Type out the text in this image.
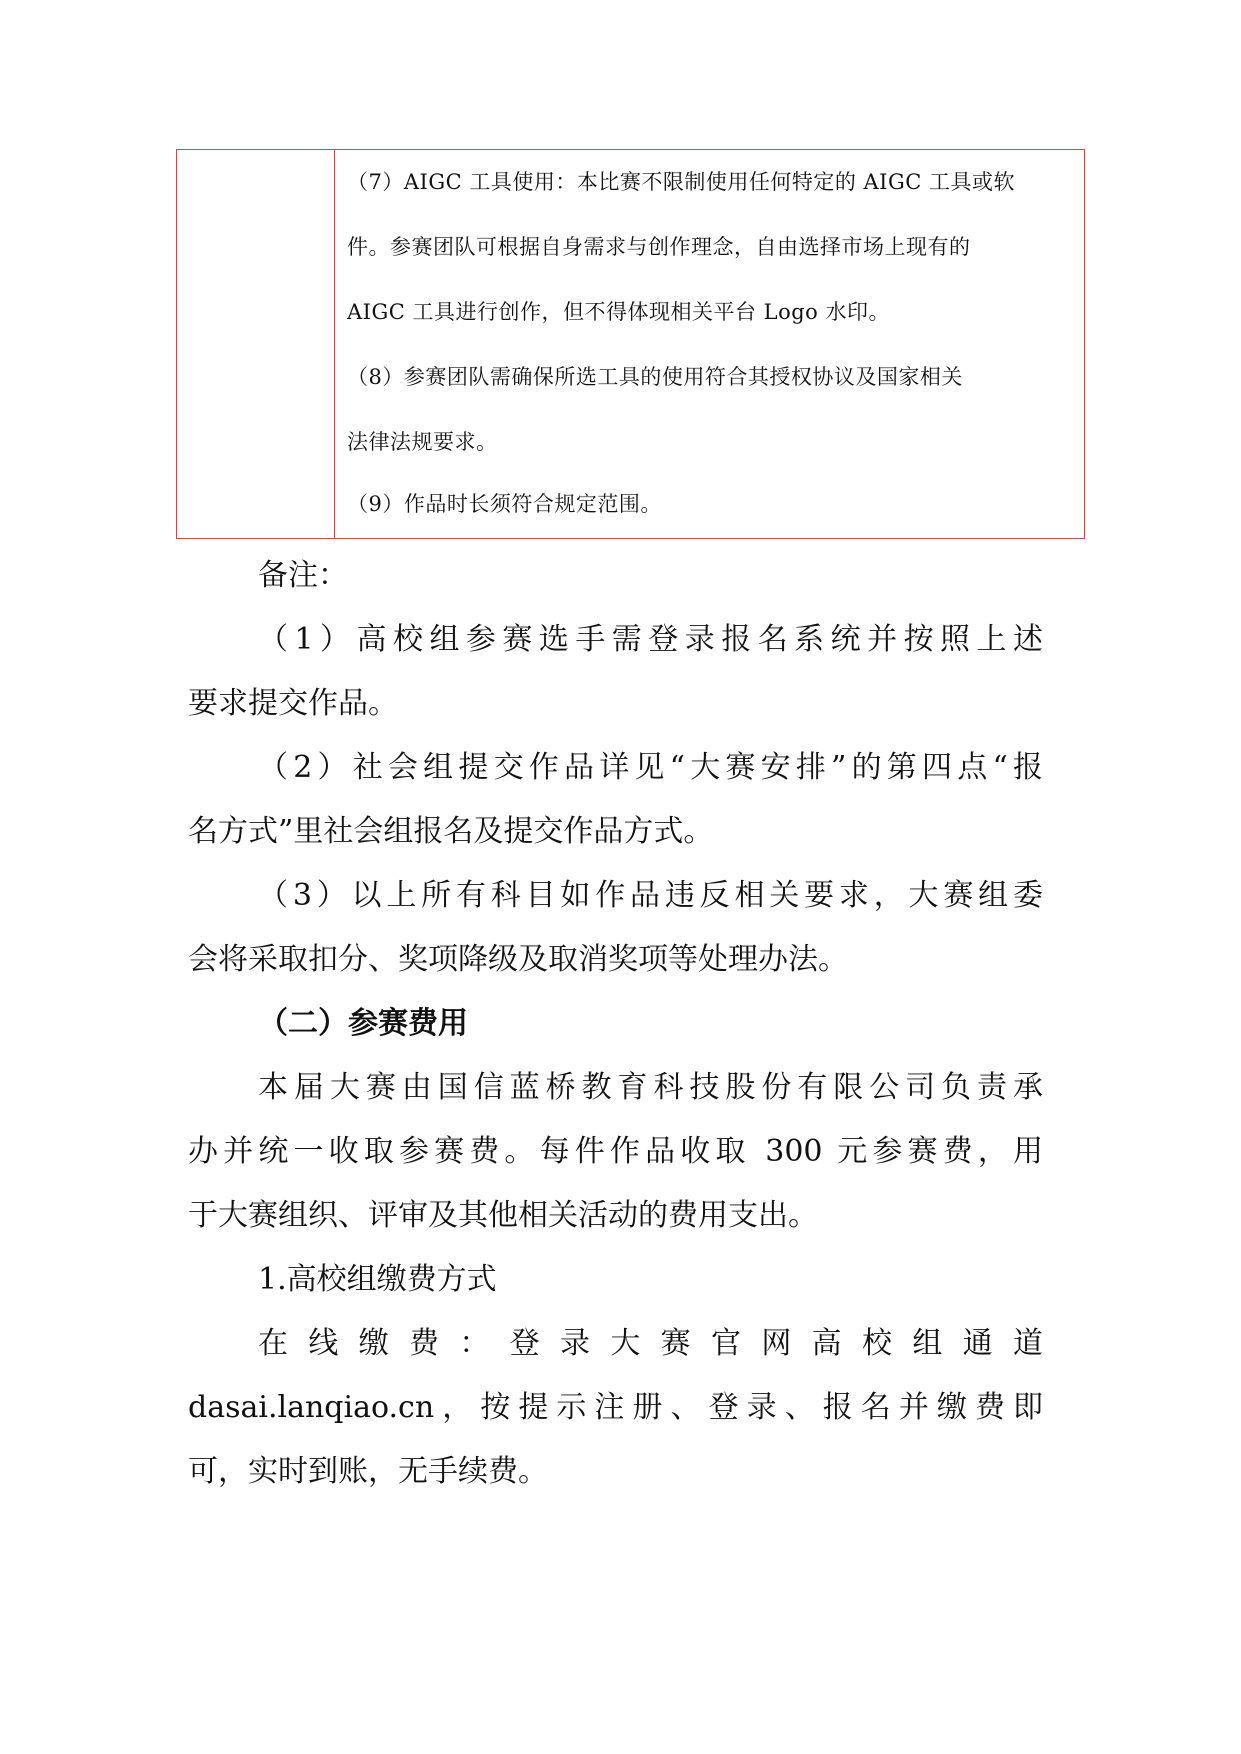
（7）AIGC 工具使用：本比赛不限制使用任何特定的 AIGC 工具或软
件。参赛团队可根据自身需求与创作理念，自由选择市场上现有的
AIGC 工具进行创作，但不得体现相关平台 Logo 水印。
（8）参赛团队需确保所选工具的使用符合其授权协议及国家相关
法律法规要求。
（9）作品时长须符合规定范围。
备注：
（1）高校组参赛选手需登录报名系统并按照上述
要求提交作品。
（2）社会组提交作品详见“大赛安排”的第四点“报
名方式”里社会组报名及提交作品方式。
（3）以上所有科目如作品违反相关要求，大赛组委
会将采取扣分、奖项降级及取消奖项等处理办法。
（二）参赛费用
本届大赛由国信蓝桥教育科技股份有限公司负责承
办并统一收取参赛费。每件作品收取 300 元参赛费，用
于大赛组织、评审及其他相关活动的费用支出。
1.高校组缴费方式
在线缴费：登录大赛官网高校组通道
dasai.lanqiao.cn，按提示注册、登录、报名并缴费即
可，实时到账，无手续费。
